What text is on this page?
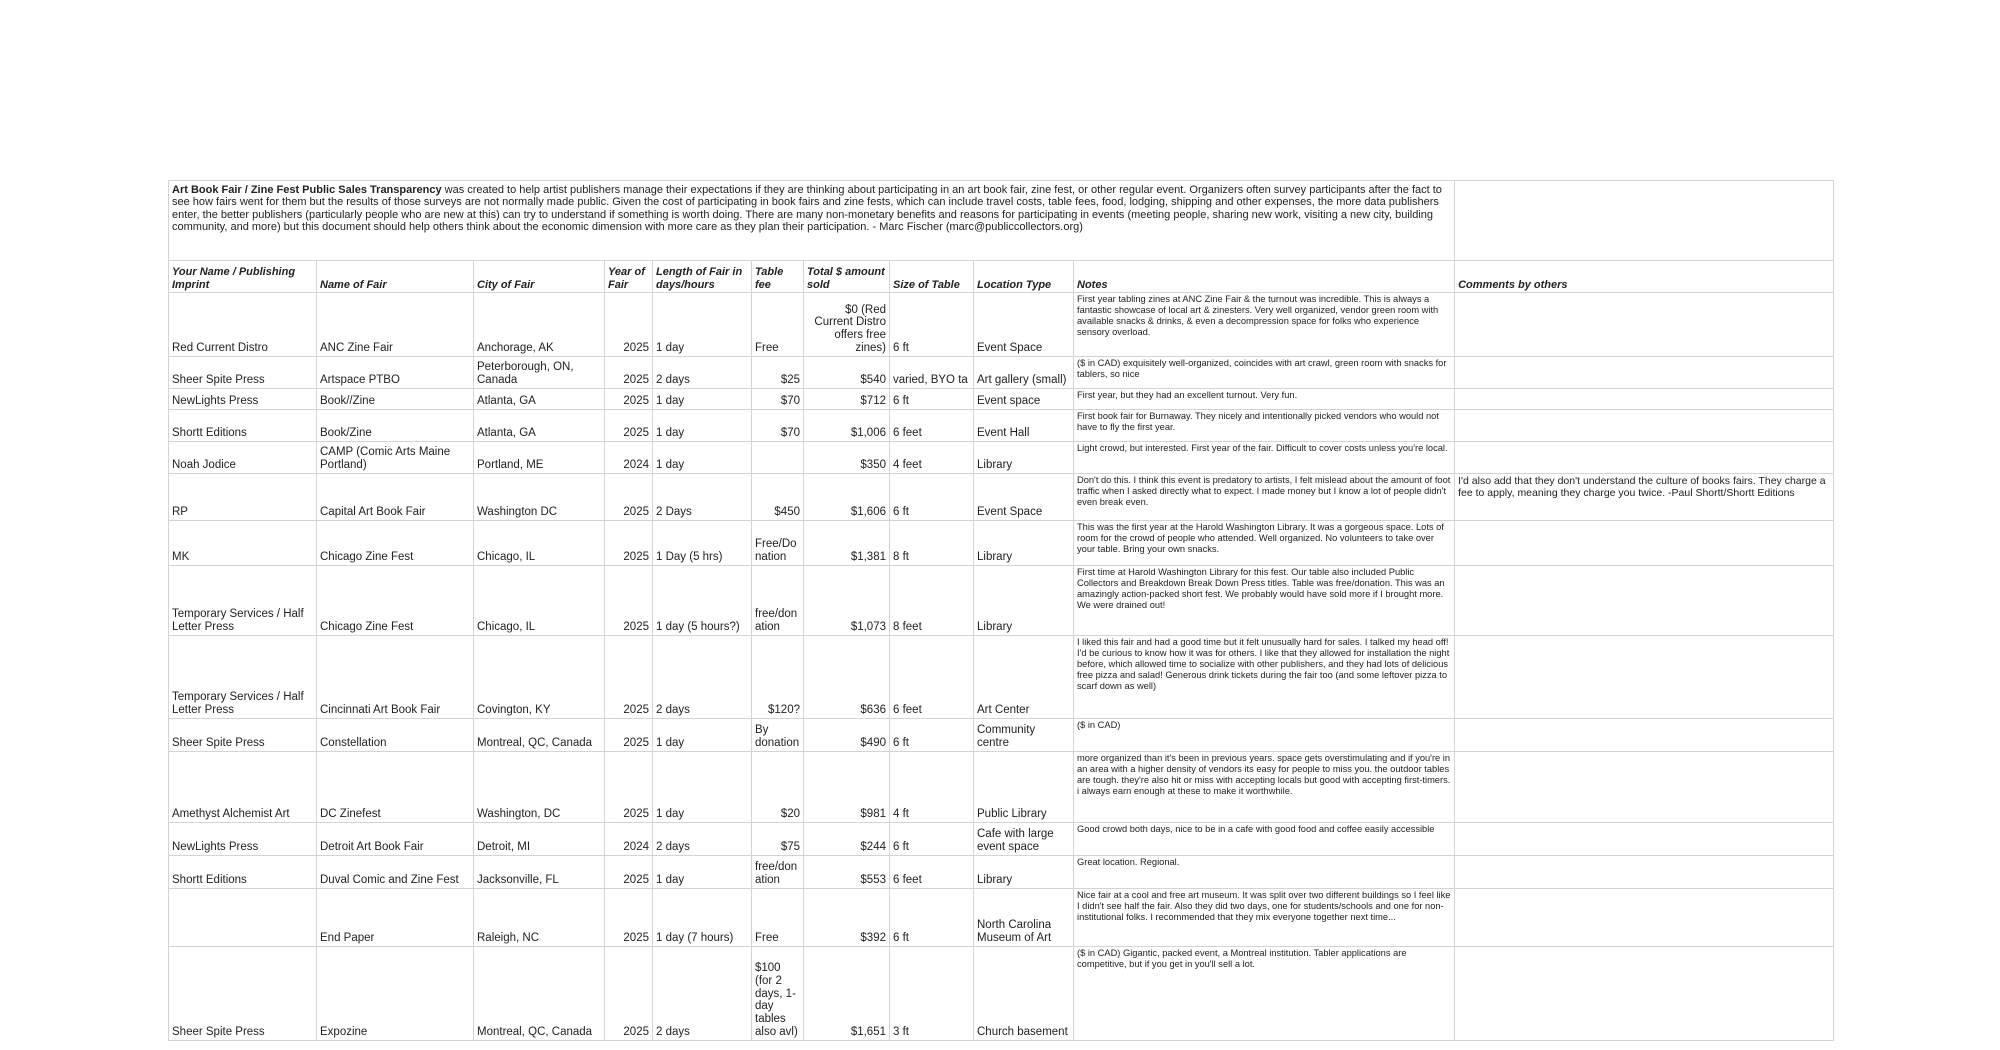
Art Book Fair / Zine Fest Public Sales Transparency was created to help artist publishers manage their expectations if they are thinking about participating in an art book fair, zine fest, or other regular event. Organizers often survey participants after the fact to see how fairs went for them but the results of those surveys are not normally made public. Given the cost of participating in book fairs and zine fests, which can include travel costs, table fees, food, lodging, shipping and other expenses, the more data publishers enter, the better publishers (particularly people who are new at this) can try to understand if something is worth doing. There are many non-monetary benefits and reasons for participating in events (meeting people, sharing new work, visiting a new city, building community, and more) but this document should help others think about the economic dimension with more care as they plan their participation. - Marc Fischer (marc@publiccollectors.org)										
Your Name / Publishing Imprint	Name of Fair	City of Fair	Year of Fair	Length of Fair in days/hours	Table fee	Total $ amount sold	Size of Table	Location Type	Notes	Comments by others
Red Current Distro	ANC Zine Fair	Anchorage, AK	2025	1 day	Free	$0 (Red Current Distro offers free zines)	6 ft	Event Space	First year tabling zines at ANC Zine Fair & the turnout was incredible. This is always a fantastic showcase of local art & zinesters. Very well organized, vendor green room with available snacks & drinks, & even a decompression space for folks who experience sensory overload.	
Sheer Spite Press	Artspace PTBO	Peterborough, ON, Canada	2025	2 days	$25	$540	varied, BYO ta	Art gallery (small)	($ in CAD) exquisitely well-organized, coincides with art crawl, green room with snacks for tablers, so nice	
NewLights Press	Book//Zine	Atlanta, GA	2025	1 day	$70	$712	6 ft	Event space	First year, but they had an excellent turnout. Very fun.	
Shortt Editions	Book/Zine	Atlanta, GA	2025	1 day	$70	$1,006	6 feet	Event Hall	First book fair for Burnaway. They nicely and intentionally picked vendors who would not have to fly the first year.	
Noah Jodice	CAMP (Comic Arts Maine Portland)	Portland, ME	2024	1 day		$350	4 feet	Library	Light crowd, but interested. First year of the fair. Difficult to cover costs unless you're local.	
RP	Capital Art Book Fair	Washington DC	2025	2 Days	$450	$1,606	6 ft	Event Space	Don't do this. I think this event is predatory to artists, I felt mislead about the amount of foot traffic when I asked directly what to expect. I made money but I know a lot of people didn't even break even.	I'd also add that they don't understand the culture of books fairs. They charge a fee to apply, meaning they charge you twice. -Paul Shortt/Shortt Editions
MK	Chicago Zine Fest	Chicago, IL	2025	1 Day (5 hrs)	Free/Donation	$1,381	8 ft	Library	This was the first year at the Harold Washington Library. It was a gorgeous space. Lots of room for the crowd of people who attended. Well organized. No volunteers to take over your table. Bring your own snacks.	
Temporary Services / Half Letter Press	Chicago Zine Fest	Chicago, IL	2025	1 day (5 hours?)	free/donation	$1,073	8 feet	Library	First time at Harold Washington Library for this fest. Our table also included Public Collectors and Breakdown Break Down Press titles. Table was free/donation. This was an amazingly action-packed short fest. We probably would have sold more if I brought more. We were drained out!	
Temporary Services / Half Letter Press	Cincinnati Art Book Fair	Covington, KY	2025	2 days	$120?	$636	6 feet	Art Center	I liked this fair and had a good time but it felt unusually hard for sales. I talked my head off! I'd be curious to know how it was for others. I like that they allowed for installation the night before, which allowed time to socialize with other publishers, and they had lots of delicious free pizza and salad! Generous drink tickets during the fair too (and some leftover pizza to scarf down as well)	
Sheer Spite Press	Constellation	Montreal, QC, Canada	2025	1 day	By donation	$490	6 ft	Community centre	($ in CAD)	
Amethyst Alchemist Art	DC Zinefest	Washington, DC	2025	1 day	$20	$981	4 ft	Public Library	more organized than it's been in previous years. space gets overstimulating and if you're in an area with a higher density of vendors its easy for people to miss you. the outdoor tables are tough. they're also hit or miss with accepting locals but good with accepting first-timers. i always earn enough at these to make it worthwhile.	
NewLights Press	Detroit Art Book Fair	Detroit, MI	2024	2 days	$75	$244	6 ft	Cafe with large event space	Good crowd both days, nice to be in a cafe with good food and coffee easily accessible	
Shortt Editions	Duval Comic and Zine Fest	Jacksonville, FL	2025	1 day	free/donation	$553	6 feet	Library	Great location. Regional.	
	End Paper	Raleigh, NC	2025	1 day (7 hours)	Free	$392	6 ft	North Carolina Museum of Art	Nice fair at a cool and free art museum. It was split over two different buildings so I feel like I didn't see half the fair. Also they did two days, one for students/schools and one for non-institutional folks. I recommended that they mix everyone together next time...	
Sheer Spite Press	Expozine	Montreal, QC, Canada	2025	2 days	$100 (for 2 days, 1-day tables also avl)	$1,651	3 ft	Church basement	($ in CAD) Gigantic, packed event, a Montreal institution. Tabler applications are competitive, but if you get in you'll sell a lot.	
